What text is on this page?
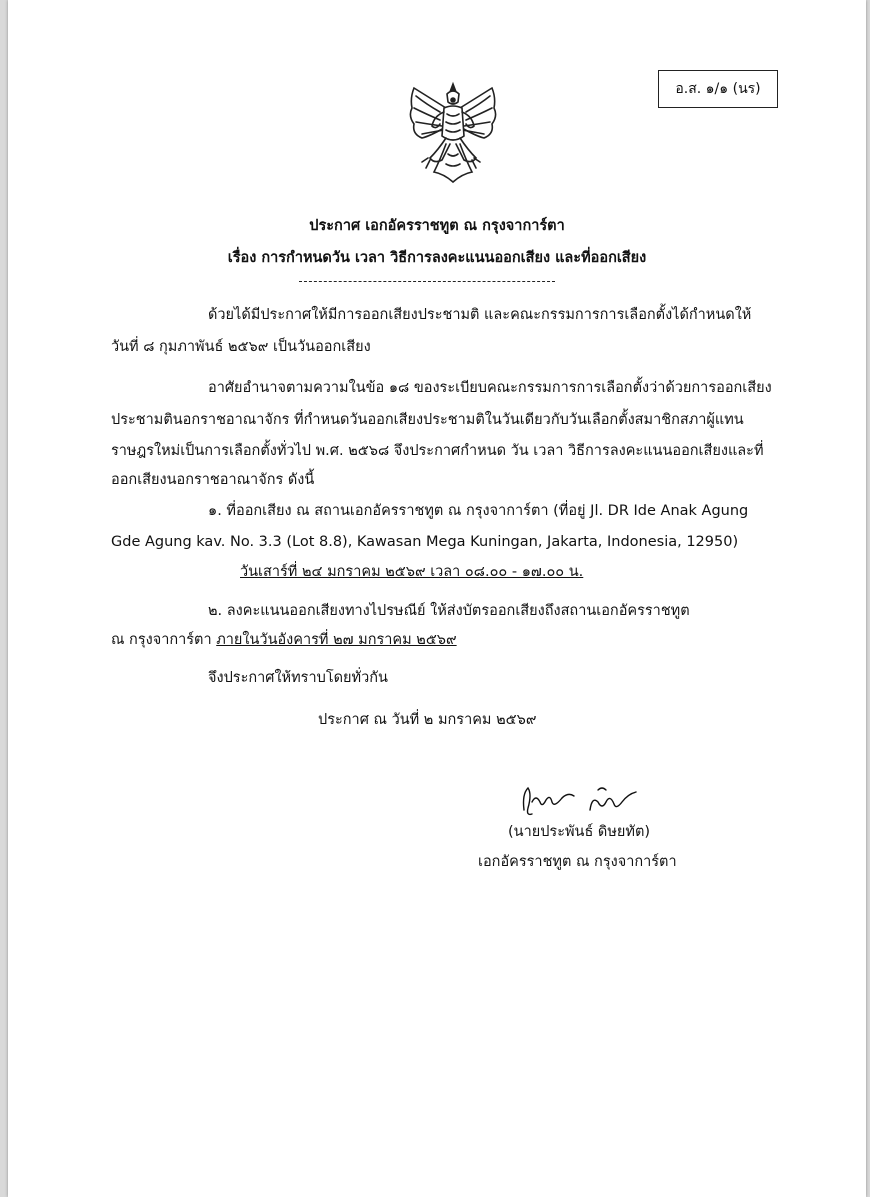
อ.ส. ๑/๑ (นร)
ประกาศ เอกอัครราชทูต ณ กรุงจาการ์ตา
เรื่อง การกำหนดวัน เวลา วิธีการลงคะแนนออกเสียง และที่ออกเสียง
ด้วยได้มีประกาศให้มีการออกเสียงประชามติ และคณะกรรมการการเลือกตั้งได้กำหนดให้
วันที่ ๘ กุมภาพันธ์ ๒๕๖๙ เป็นวันออกเสียง
อาศัยอำนาจตามความในข้อ ๑๘ ของระเบียบคณะกรรมการการเลือกตั้งว่าด้วยการออกเสียง
ประชามตินอกราชอาณาจักร ที่กำหนดวันออกเสียงประชามติในวันเดียวกับวันเลือกตั้งสมาชิกสภาผู้แทน
ราษฎรใหม่เป็นการเลือกตั้งทั่วไป พ.ศ. ๒๕๖๘ จึงประกาศกำหนด วัน เวลา วิธีการลงคะแนนออกเสียงและที่
ออกเสียงนอกราชอาณาจักร ดังนี้
๑. ที่ออกเสียง ณ สถานเอกอัครราชทูต ณ กรุงจาการ์ตา (ที่อยู่ Jl. DR Ide Anak Agung
Gde Agung kav. No. 3.3 (Lot 8.8), Kawasan Mega Kuningan, Jakarta, Indonesia, 12950)
วันเสาร์ที่ ๒๔ มกราคม ๒๕๖๙ เวลา ๐๘.๐๐ - ๑๗.๐๐ น.
๒. ลงคะแนนออกเสียงทางไปรษณีย์ ให้ส่งบัตรออกเสียงถึงสถานเอกอัครราชทูต
ณ กรุงจาการ์ตา ภายในวันอังคารที่ ๒๗ มกราคม ๒๕๖๙
จึงประกาศให้ทราบโดยทั่วกัน
ประกาศ ณ วันที่ ๒ มกราคม ๒๕๖๙
(นายประพันธ์ ดิษยทัต)
เอกอัครราชทูต ณ กรุงจาการ์ตา
